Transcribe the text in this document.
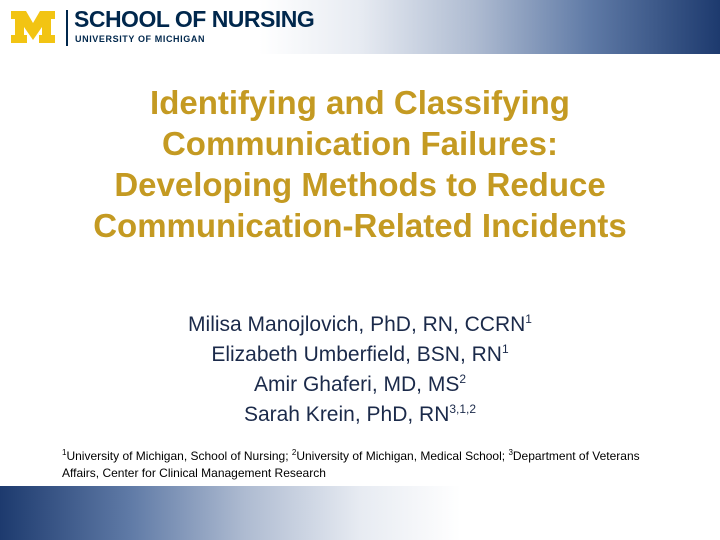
SCHOOL OF NURSING
UNIVERSITY OF MICHIGAN
Identifying and Classifying
Communication Failures:
Developing Methods to Reduce
Communication-Related Incidents
Milisa Manojlovich, PhD, RN, CCRN$^1$
Elizabeth Umberfield, BSN, $RN^1$
Amir Ghaferi, MD, $MS^2$
Sarah Krein, PhD, RN$^{3,1,2}$
$^1$University of Michigan, School of Nursing; $^2$University of Michigan, Medical School; $^3$Department of Veterans Affairs, Center for Clinical Management Research
